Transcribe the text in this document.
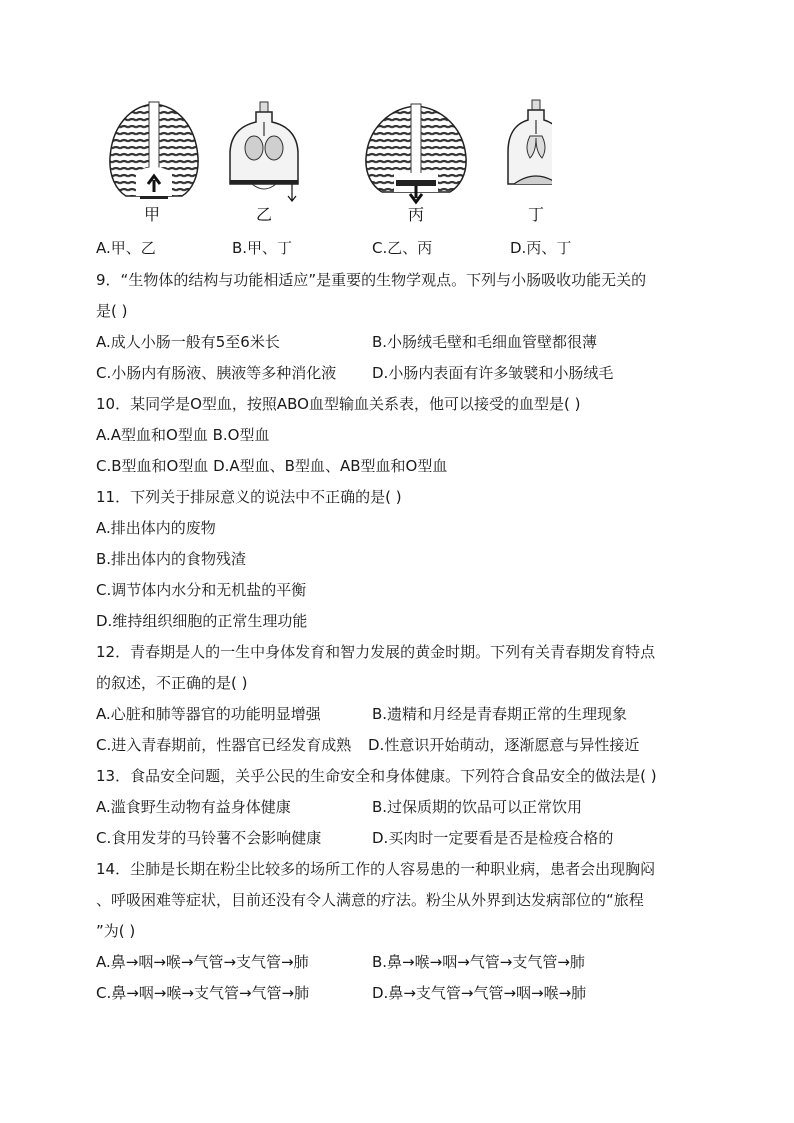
甲	乙	丙	丁
A.甲、乙	B.甲、丁	C.乙、丙	D.丙、丁
9．“生物体的结构与功能相适应”是重要的生物学观点。下列与小肠吸收功能无关的
是( )
A.成人小肠一般有5至6米长	B.小肠绒毛壁和毛细血管壁都很薄
C.小肠内有肠液、胰液等多种消化液 D.小肠内表面有许多皱襞和小肠绒毛
10．某同学是O型血，按照ABO血型输血关系表，他可以接受的血型是( )
A.A型血和O型血 B.O型血
C.B型血和O型血 D.A型血、B型血、AB型血和O型血
11．下列关于排尿意义的说法中不正确的是( )
A.排出体内的废物
B.排出体内的食物残渣
C.调节体内水分和无机盐的平衡
D.维持组织细胞的正常生理功能
12．青春期是人的一生中身体发育和智力发展的黄金时期。下列有关青春期发育特点
的叙述，不正确的是( )
A.心脏和肺等器官的功能明显增强	B.遗精和月经是青春期正常的生理现象
C.进入青春期前，性器官已经发育成熟 D.性意识开始萌动，逐渐愿意与异性接近
13．食品安全问题，关乎公民的生命安全和身体健康。下列符合食品安全的做法是( )
A.滥食野生动物有益身体健康	B.过保质期的饮品可以正常饮用
C.食用发芽的马铃薯不会影响健康	D.买肉时一定要看是否是检疫合格的
14．尘肺是长期在粉尘比较多的场所工作的人容易患的一种职业病，患者会出现胸闷
、呼吸困难等症状，目前还没有令人满意的疗法。粉尘从外界到达发病部位的“旅程
”为( )
A.鼻→咽→喉→气管→支气管→肺	B.鼻→喉→咽→气管→支气管→肺
C.鼻→咽→喉→支气管→气管→肺	D.鼻→支气管→气管→咽→喉→肺
